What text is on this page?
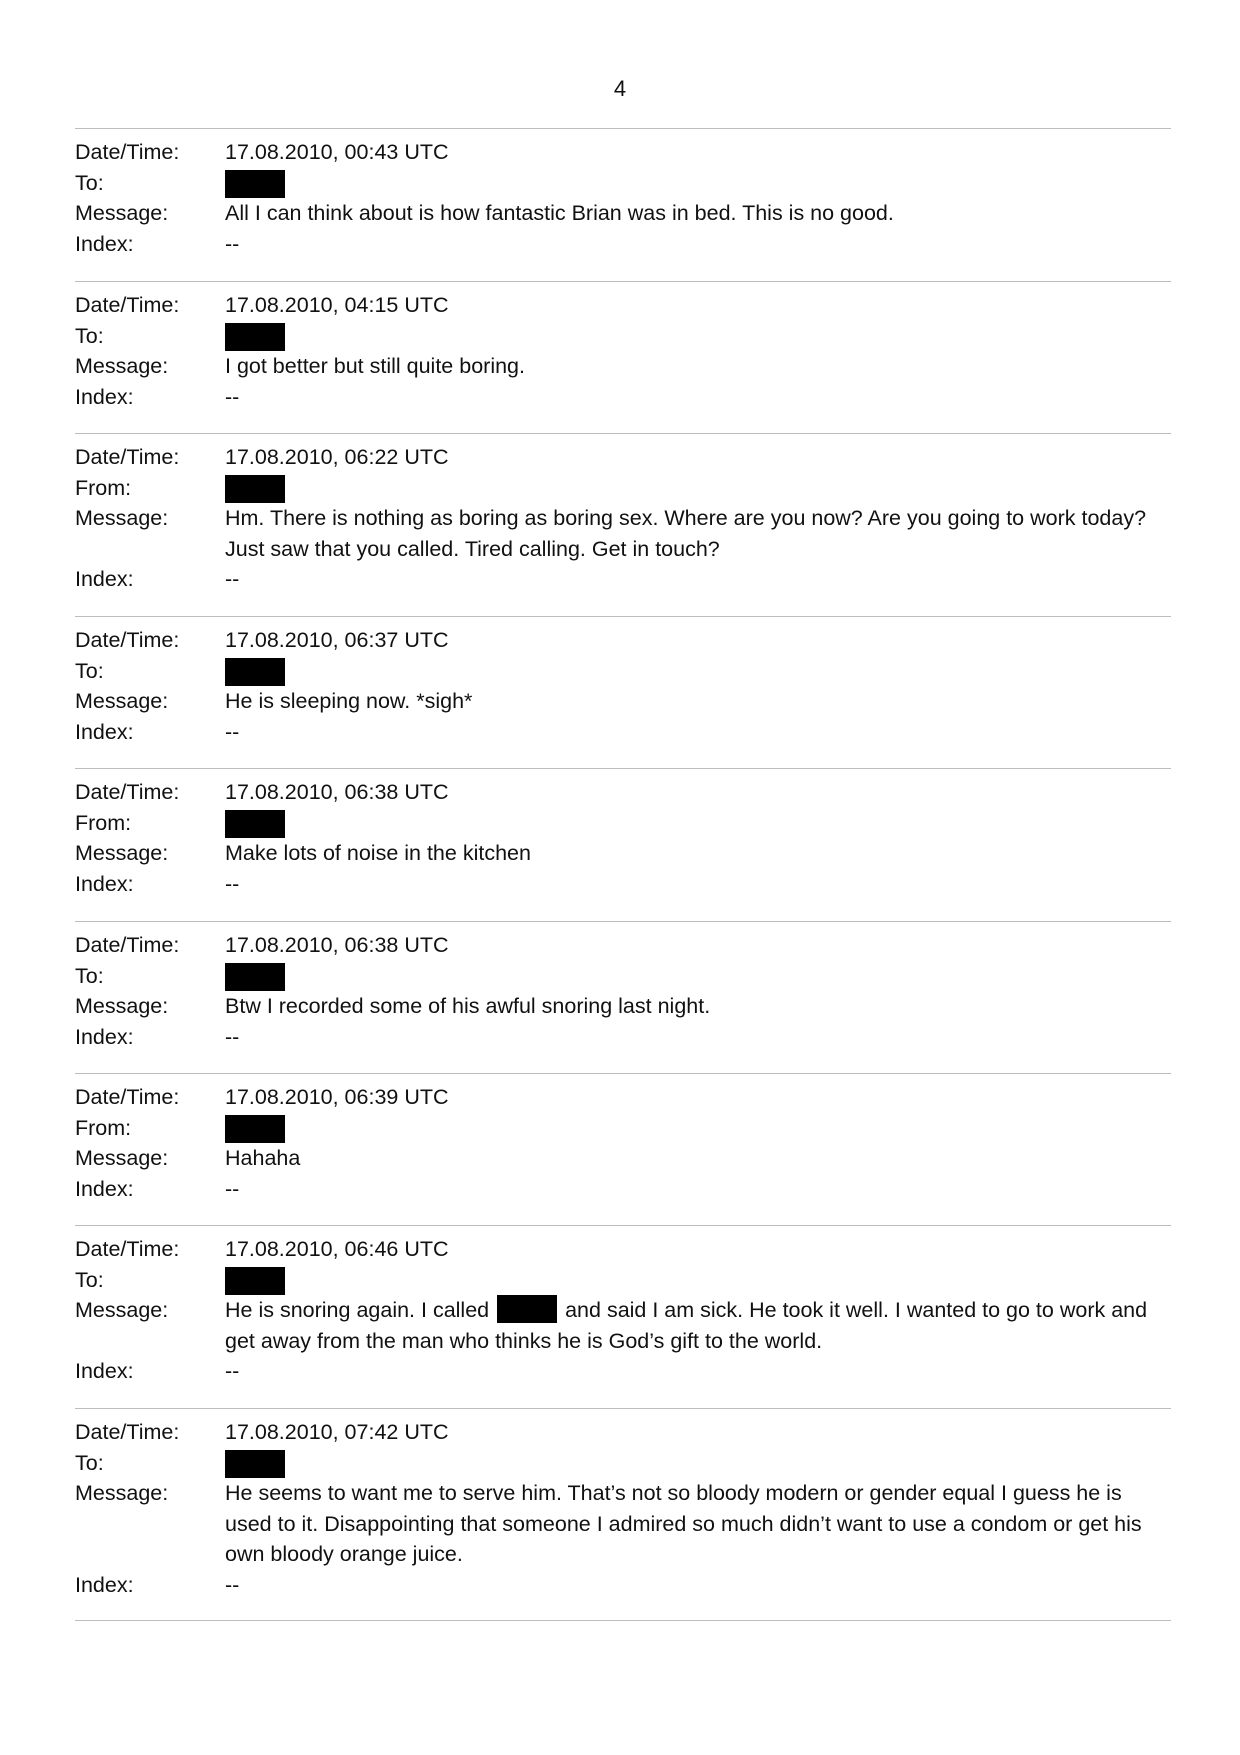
4
Date/Time:	17.08.2010, 00:43 UTC
To:
Message:	All I can think about is how fantastic Brian was in bed. This is no good.
Index:	--
Date/Time:	17.08.2010, 04:15 UTC
To:
Message:	I got better but still quite boring.
Index:	--
Date/Time:	17.08.2010, 06:22 UTC
From:
Message:	Hm. There is nothing as boring as boring sex. Where are you now? Are you going to work today? Just saw that you called. Tired calling. Get in touch?
Index:	--
Date/Time:	17.08.2010, 06:37 UTC
To:
Message:	He is sleeping now. *sigh*
Index:	--
Date/Time:	17.08.2010, 06:38 UTC
From:
Message:	Make lots of noise in the kitchen
Index:	--
Date/Time:	17.08.2010, 06:38 UTC
To:
Message:	Btw I recorded some of his awful snoring last night.
Index:	--
Date/Time:	17.08.2010, 06:39 UTC
From:
Message:	Hahaha
Index:	--
Date/Time:	17.08.2010, 06:46 UTC
To:
Message:	He is snoring again. I called	and said I am sick. He took it well. I wanted to go to work and get away from the man who thinks he is God’s gift to the world.
Index:	--
Date/Time:	17.08.2010, 07:42 UTC
To:
Message:	He seems to want me to serve him. That’s not so bloody modern or gender equal I guess he is used to it. Disappointing that someone I admired so much didn’t want to use a condom or get his own bloody orange juice.
Index:	--
